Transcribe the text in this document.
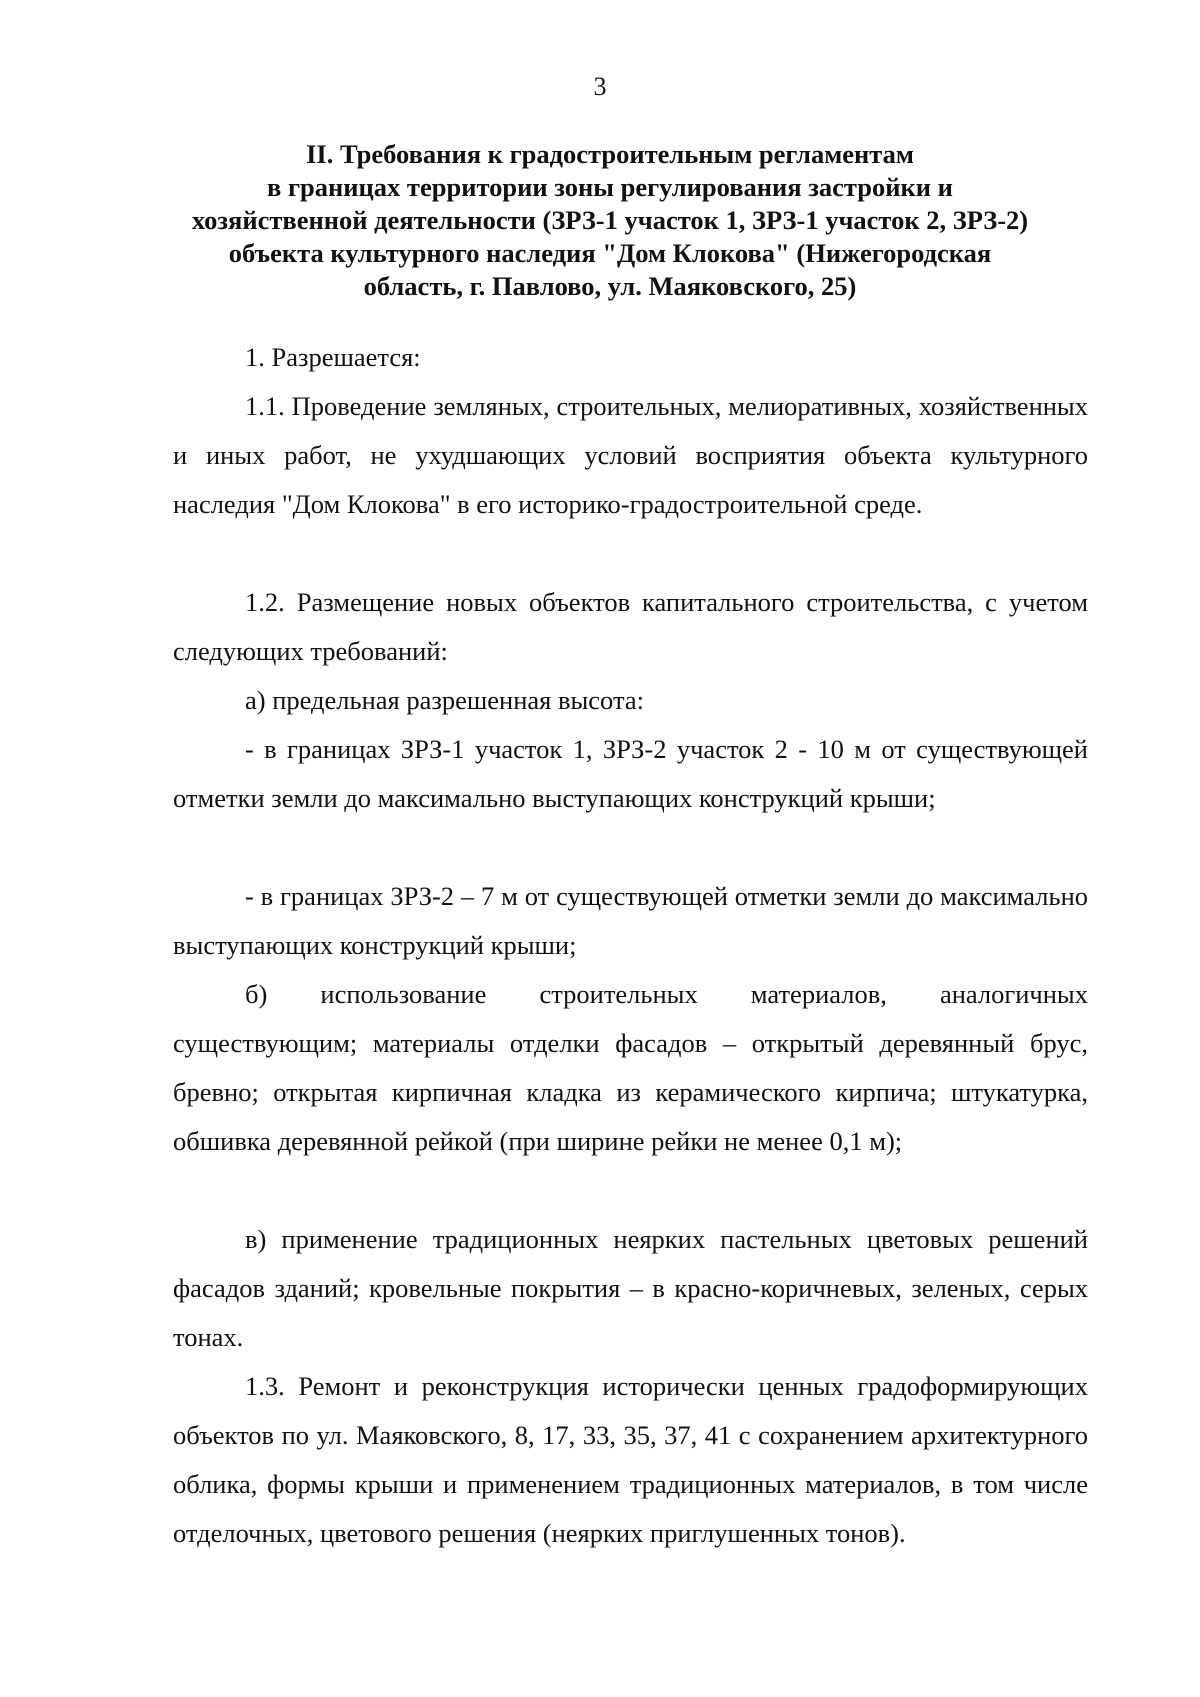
3
II. Требования к градостроительным регламентам
в границах территории зоны регулирования застройки и
хозяйственной деятельности (ЗРЗ-1 участок 1, ЗРЗ-1 участок 2, ЗРЗ-2)
объекта культурного наследия "Дом Клокова" (Нижегородская
область, г. Павлово, ул. Маяковского, 25)

1. Разрешается:

1.1. Проведение земляных, строительных, мелиоративных, хозяйственных и иных работ, не ухудшающих условий восприятия объекта культурного наследия "Дом Клокова" в его историко-градостроительной среде.

1.2. Размещение новых объектов капитального строительства, с учетом следующих требований:

а) предельная разрешенная высота:

- в границах ЗРЗ-1 участок 1, ЗРЗ-2 участок 2 - 10 м от существующей отметки земли до максимально выступающих конструкций крыши;

- в границах ЗРЗ-2 – 7 м от существующей отметки земли до максимально выступающих конструкций крыши;

б) использование строительных материалов, аналогичных существующим; материалы отделки фасадов – открытый деревянный брус, бревно; открытая кирпичная кладка из керамического кирпича; штукатурка, обшивка деревянной рейкой (при ширине рейки не менее 0,1 м);

в) применение традиционных неярких пастельных цветовых решений фасадов зданий; кровельные покрытия – в красно-коричневых, зеленых, серых тонах.

1.3. Ремонт и реконструкция исторически ценных градоформирующих объектов по ул. Маяковского, 8, 17, 33, 35, 37, 41 с сохранением архитектурного облика, формы крыши и применением традиционных материалов, в том числе отделочных, цветового решения (неярких приглушенных тонов).
